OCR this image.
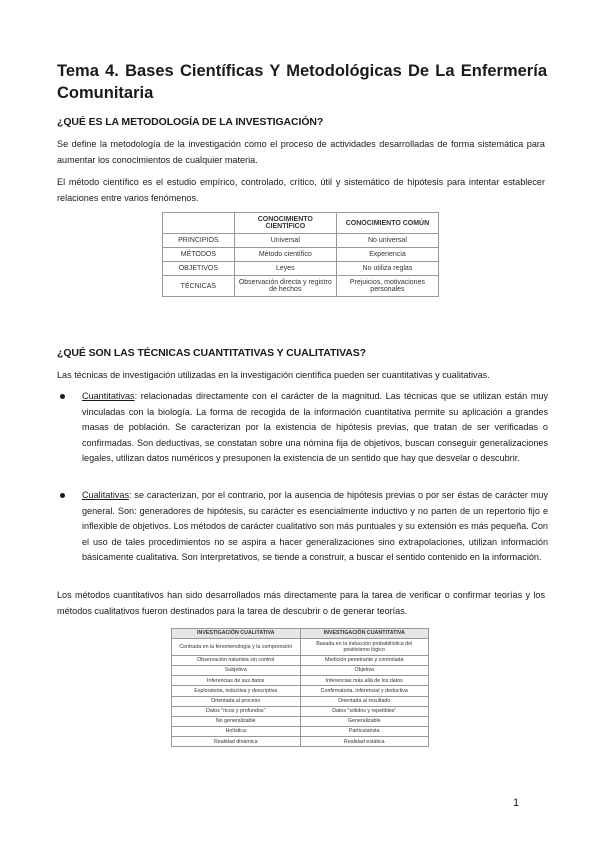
Tema 4. Bases Científicas Y Metodológicas De La Enfermería Comunitaria
¿QUÉ ES LA METODOLOGÍA DE LA INVESTIGACIÓN?
Se define la metodología de la investigación como el proceso de actividades desarrolladas de forma sistemática para aumentar los conocimientos de cualquier materia.
El método científico es el estudio empírico, controlado, crítico, útil y sistemático de hipótesis para intentar establecer relaciones entre varios fenómenos.
	CONOCIMIENTO CIENTÍFICO	CONOCIMIENTO COMÚN
PRINCIPIOS	Universal	No universal
MÉTODOS	Método científico	Experiencia
OBJETIVOS	Leyes	No utiliza reglas
TÉCNICAS	Observación directa y registro de hechos	Prejuicios, motivaciones personales
¿QUÉ SON LAS TÉCNICAS CUANTITATIVAS Y CUALITATIVAS?
Las técnicas de investigación utilizadas en la investigación científica pueden ser cuantitativas y cualitativas.
Cuantitativas: relacionadas directamente con el carácter de la magnitud. Las técnicas que se utilizan están muy vinculadas con la biología. La forma de recogida de la información cuantitativa permite su aplicación a grandes masas de población. Se caracterizan por la existencia de hipótesis previas, que tratan de ser verificadas o confirmadas. Son deductivas, se constatan sobre una nómina fija de objetivos, buscan conseguir generalizaciones legales, utilizan datos numéricos y presuponen la existencia de un sentido que hay que desvelar o descubrir.
Cualitativas: se caracterizan, por el contrario, por la ausencia de hipótesis previas o por ser éstas de carácter muy general. Son: generadores de hipótesis, su carácter es esencialmente inductivo y no parten de un repertorio fijo e inflexible de objetivos. Los métodos de carácter cualitativo son más puntuales y su extensión es más pequeña. Con el uso de tales procedimientos no se aspira a hacer generalizaciones sino extrapolaciones, utilizan información básicamente cualitativa. Son interpretativos, se tiende a construir, a buscar el sentido contenido en la información.
Los métodos cuantitativos han sido desarrollados más directamente para la tarea de verificar o confirmar teorías y los métodos cualitativos fueron destinados para la tarea de descubrir o de generar teorías.
INVESTIGACIÓN CUALITATIVA	INVESTIGACIÓN CUANTITATIVA
Centrada en la fenomenología y la comprensión	Basada en la inducción probabilística del positivismo lógico
Observación naturista sin control	Medición penetrante y controlada
Subjetiva	Objetiva
Inferencias de sus datos	Inferencias más allá de los datos
Exploratoria, inductiva y descriptiva	Confirmatoria, inferencial y deductiva
Orientada al proceso	Orientada al resultado
Datos "ricos y profundos"	Datos "sólidos y repetibles"
No generalizable	Generalizable
Holística	Particularista
Realidad dinámica	Realidad estática
1
